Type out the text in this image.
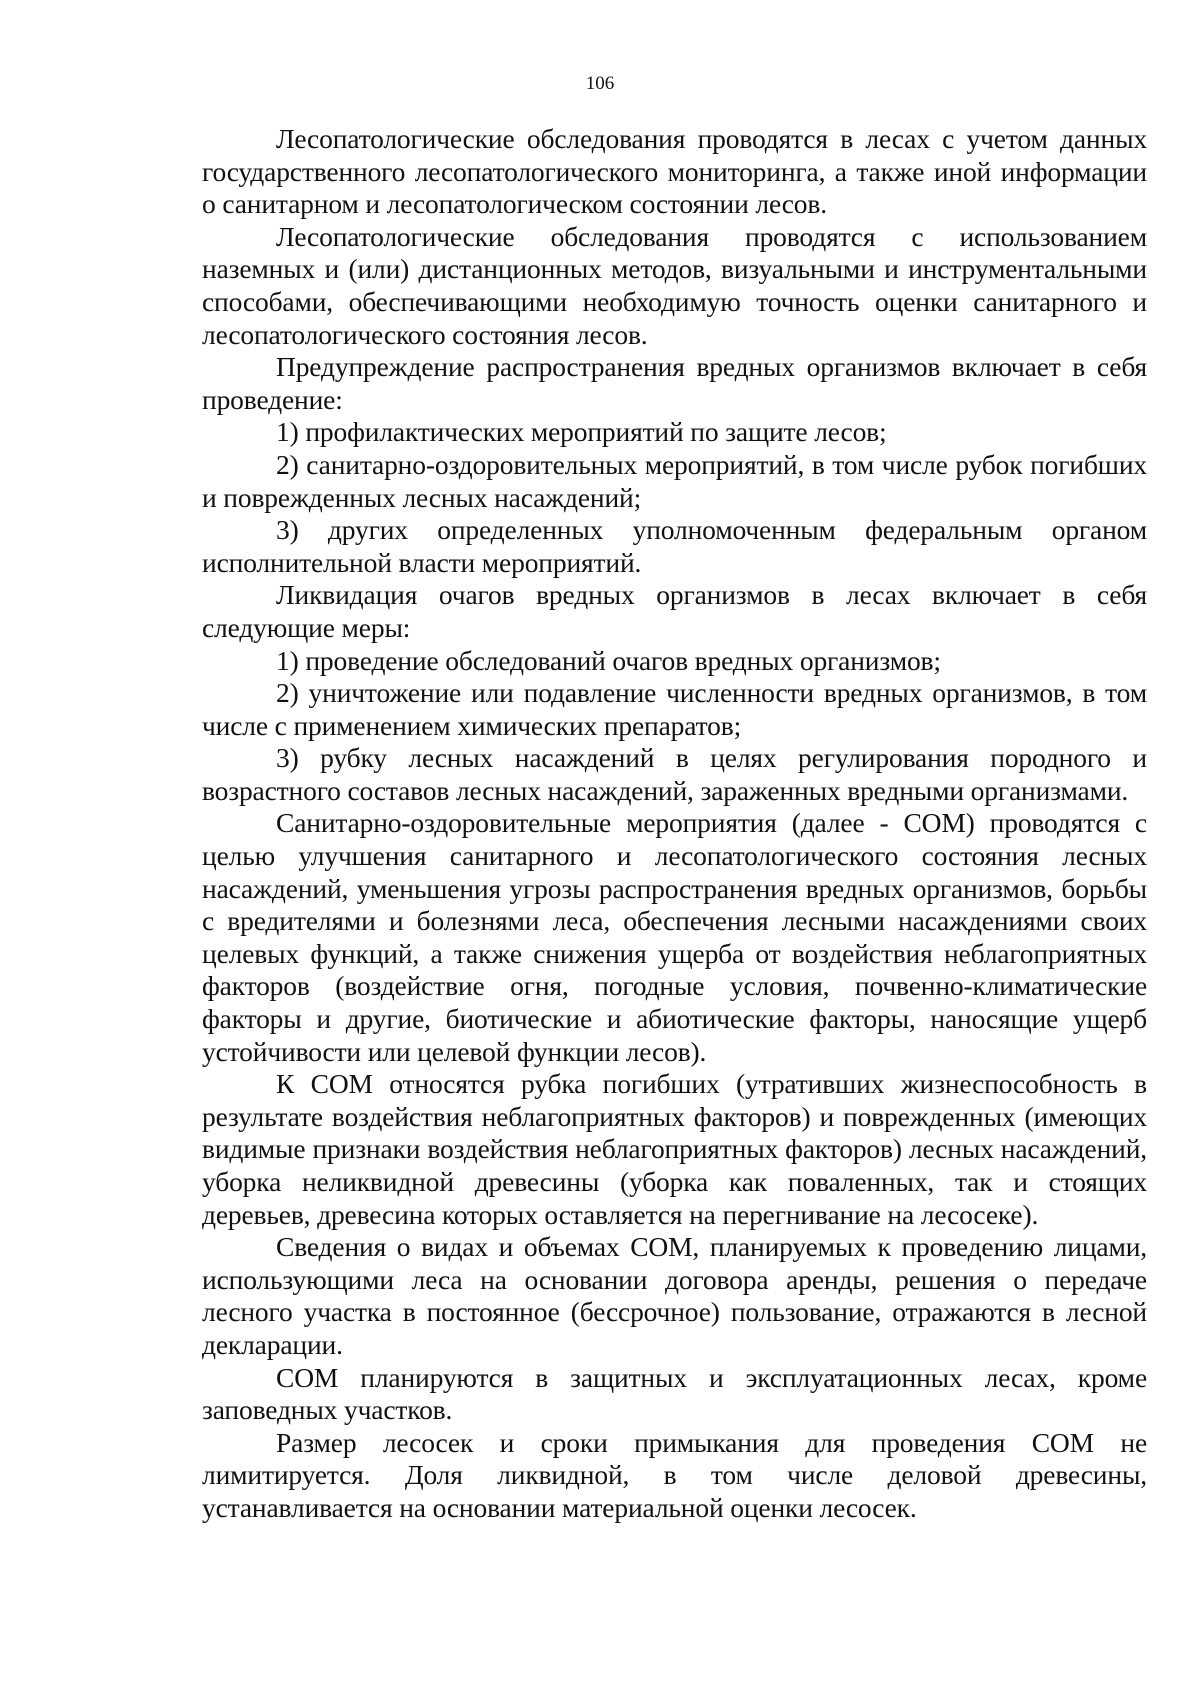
106

Лесопатологические обследования проводятся в лесах с учетом данных государственного лесопатологического мониторинга, а также иной информации о санитарном и лесопатологическом состоянии лесов.

Лесопатологические обследования проводятся с использованием наземных и (или) дистанционных методов, визуальными и инструментальными способами, обеспечивающими необходимую точность оценки санитарного и лесопатологического состояния лесов.

Предупреждение распространения вредных организмов включает в себя проведение:

1) профилактических мероприятий по защите лесов;

2) санитарно-оздоровительных мероприятий, в том числе рубок погибших и поврежденных лесных насаждений;

3) других определенных уполномоченным федеральным органом исполнительной власти мероприятий.

Ликвидация очагов вредных организмов в лесах включает в себя следующие меры:

1) проведение обследований очагов вредных организмов;

2) уничтожение или подавление численности вредных организмов, в том числе с применением химических препаратов;

3) рубку лесных насаждений в целях регулирования породного и возрастного составов лесных насаждений, зараженных вредными организмами.

Санитарно-оздоровительные мероприятия (далее - СОМ) проводятся с целью улучшения санитарного и лесопатологического состояния лесных насаждений, уменьшения угрозы распространения вредных организмов, борьбы с вредителями и болезнями леса, обеспечения лесными насаждениями своих целевых функций, а также снижения ущерба от воздействия неблагоприятных факторов (воздействие огня, погодные условия, почвенно-климатические факторы и другие, биотические и абиотические факторы, наносящие ущерб устойчивости или целевой функции лесов).

К СОМ относятся рубка погибших (утративших жизнеспособность в результате воздействия неблагоприятных факторов) и поврежденных (имеющих видимые признаки воздействия неблагоприятных факторов) лесных насаждений, уборка неликвидной древесины (уборка как поваленных, так и стоящих деревьев, древесина которых оставляется на перегнивание на лесосеке).

Сведения о видах и объемах СОМ, планируемых к проведению лицами, использующими леса на основании договора аренды, решения о передаче лесного участка в постоянное (бессрочное) пользование, отражаются в лесной декларации.

СОМ планируются в защитных и эксплуатационных лесах, кроме заповедных участков.

Размер лесосек и сроки примыкания для проведения СОМ не лимитируется. Доля ликвидной, в том числе деловой древесины, устанавливается на основании материальной оценки лесосек.
